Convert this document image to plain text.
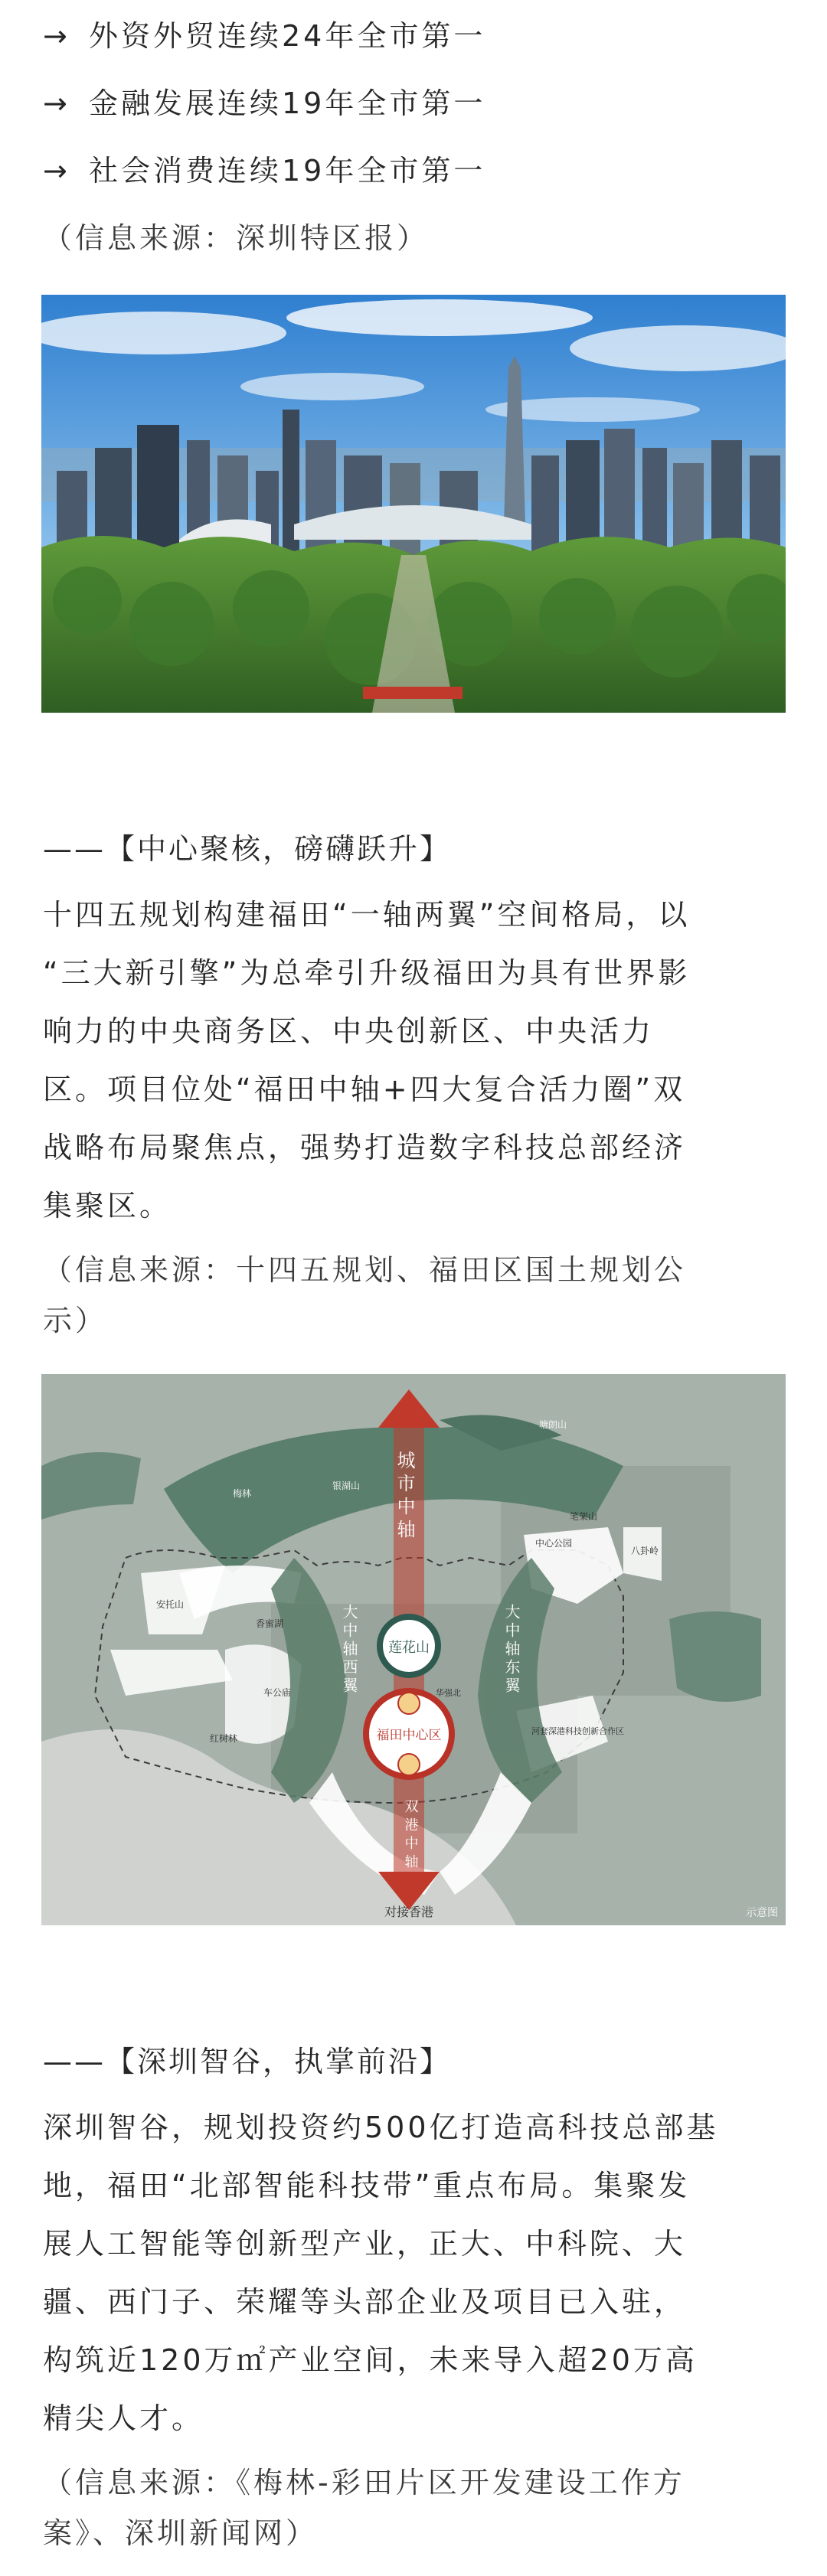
→ 外资外贸连续24年全市第一
→ 金融发展连续19年全市第一
→ 社会消费连续19年全市第一
（信息来源：深圳特区报）
——【中心聚核，磅礴跃升】
十四五规划构建福田“一轴两翼”空间格局，以
“三大新引擎”为总牵引升级福田为具有世界影
响力的中央商务区、中央创新区、中央活力
区。项目位处“福田中轴+四大复合活力圈”双
战略布局聚焦点，强势打造数字科技总部经济
集聚区。
（信息来源：十四五规划、福田区国土规划公
示）
城市中轴
双港中轴
大中轴西翼	大中轴东翼
莲花山
福田中心区
对接香港	示意图
塘朗山
梅林
银湖山
安托山
香蜜湖
车公庙
红树林
八卦岭
笔架山
河套深港科技创新合作区
华强北
中心公园
——【深圳智谷，执掌前沿】
深圳智谷，规划投资约500亿打造高科技总部基
地，福田“北部智能科技带”重点布局。集聚发
展人工智能等创新型产业，正大、中科院、大
疆、西门子、荣耀等头部企业及项目已入驻，
构筑近120万㎡产业空间，未来导入超20万高
精尖人才。
（信息来源：《梅林-彩田片区开发建设工作方
案》、深圳新闻网）
